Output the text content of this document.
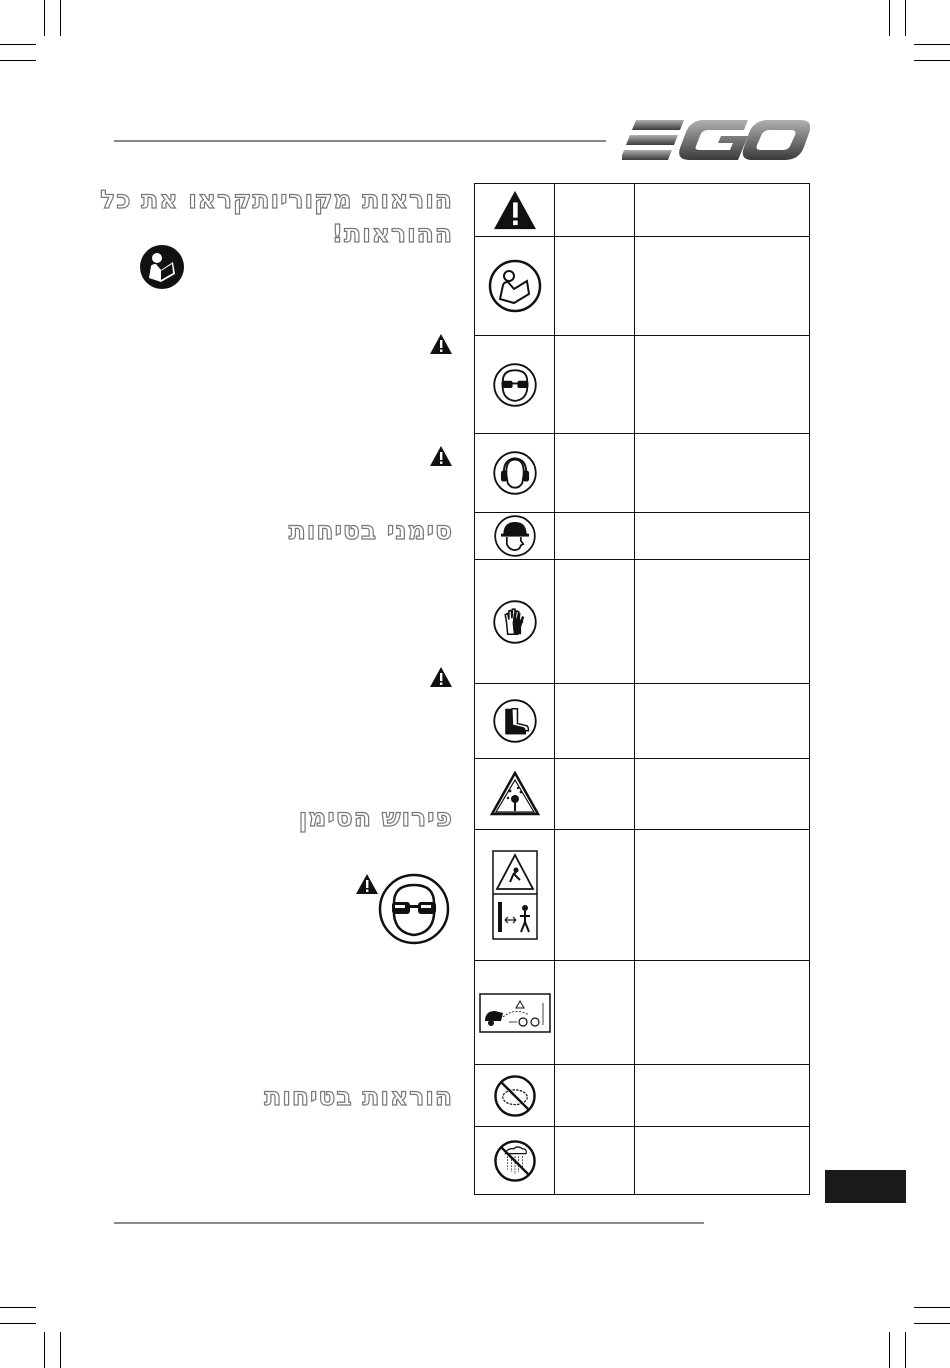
הוראות מקוריותקראו את כל
ההוראות!
סימני בטיחות
פירוש הסימן
הוראות בטיחות
